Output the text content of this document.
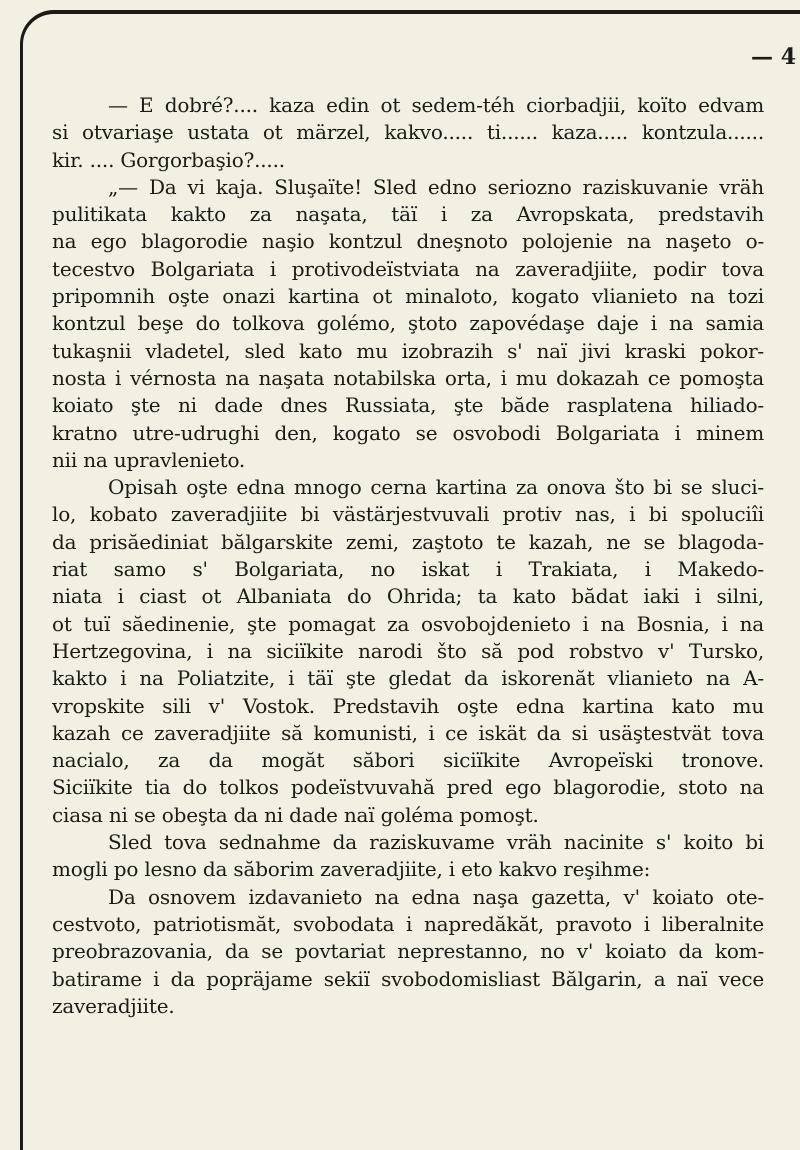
— 4

— E dobré?.... kaza edin ot sedem-téh ciorbadjii, koïto edvam
si otvariaşe ustata ot märzel, kakvo..... ti...... kaza..... kontzula......
kir. .... Gorgorbaşio?.....

„— Da vi kaja. Sluşaïte! Sled edno seriozno raziskuvanie vräh
pulitikata kakto za naşata, täï i za Avropskata, predstavih
na ego blagorodie naşio kontzul dneşnoto polojenie na naşeto o-
tecestvo Bolgariata i protivodeïstviata na zaveradjiite, podir tova
pripomnih oşte onazi kartina ot minaloto, kogato vlianieto na tozi
kontzul beşe do tolkova golémo, ştoto zapovédaşe daje i na samia
tukaşnii vladetel, sled kato mu izobrazih s' naï jivi kraski pokor-
nosta i vérnosta na naşata notabilska orta, i mu dokazah ce pomoşta
koiato şte ni dade dnes Russiata, şte băde rasplatena hiliado-
kratno utre-udrughi den, kogato se osvobodi Bolgariata i minem
nii na upravlenieto.

Opisah oşte edna mnogo cerna kartina za onova što bi se sluci-
lo, kobato zaveradjiite bi västärjestvuvali protiv nas, i bi spoluciîi
da prisăediniat bălgarskite zemi, zaştoto te kazah, ne se blagoda-
riat samo s' Bolgariata, no iskat i Trakiata, i Makedo-
niata i ciast ot Albaniata do Ohrida; ta kato bădat iaki i silni,
ot tuï săedinenie, şte pomagat za osvobojdenieto i na Bosnia, i na
Hertzegovina, i na siciïkite narodi što să pod robstvo v' Tursko,
kakto i na Poliatzite, i täï şte gledat da iskorenăt vlianieto na A-
vropskite sili v' Vostok. Predstavih oşte edna kartina kato mu
kazah ce zaveradjiite să komunisti, i ce iskät da si usäştestvät tova
nacialo, za da mogăt săbori siciïkite Avropeïski tronove.
Siciïkite tia do tolkos podeïstvuvahă pred ego blagorodie, stoto na
ciasa ni se obeşta da ni dade naï goléma pomoşt.

Sled tova sednahme da raziskuvame vräh nacinite s' koito bi
mogli po lesno da săborim zaveradjiite, i eto kakvo reşihme:

Da osnovem izdavanieto na edna naşa gazetta, v' koiato ote-
cestvoto, patriotismăt, svobodata i napredăkăt, pravoto i liberalnite
preobrazovania, da se povtariat neprestanno, no v' koiato da kom-
batirame i da popräjame sekiï svobodomisliast Bălgarin, a naï vece
zaveradjiite.
